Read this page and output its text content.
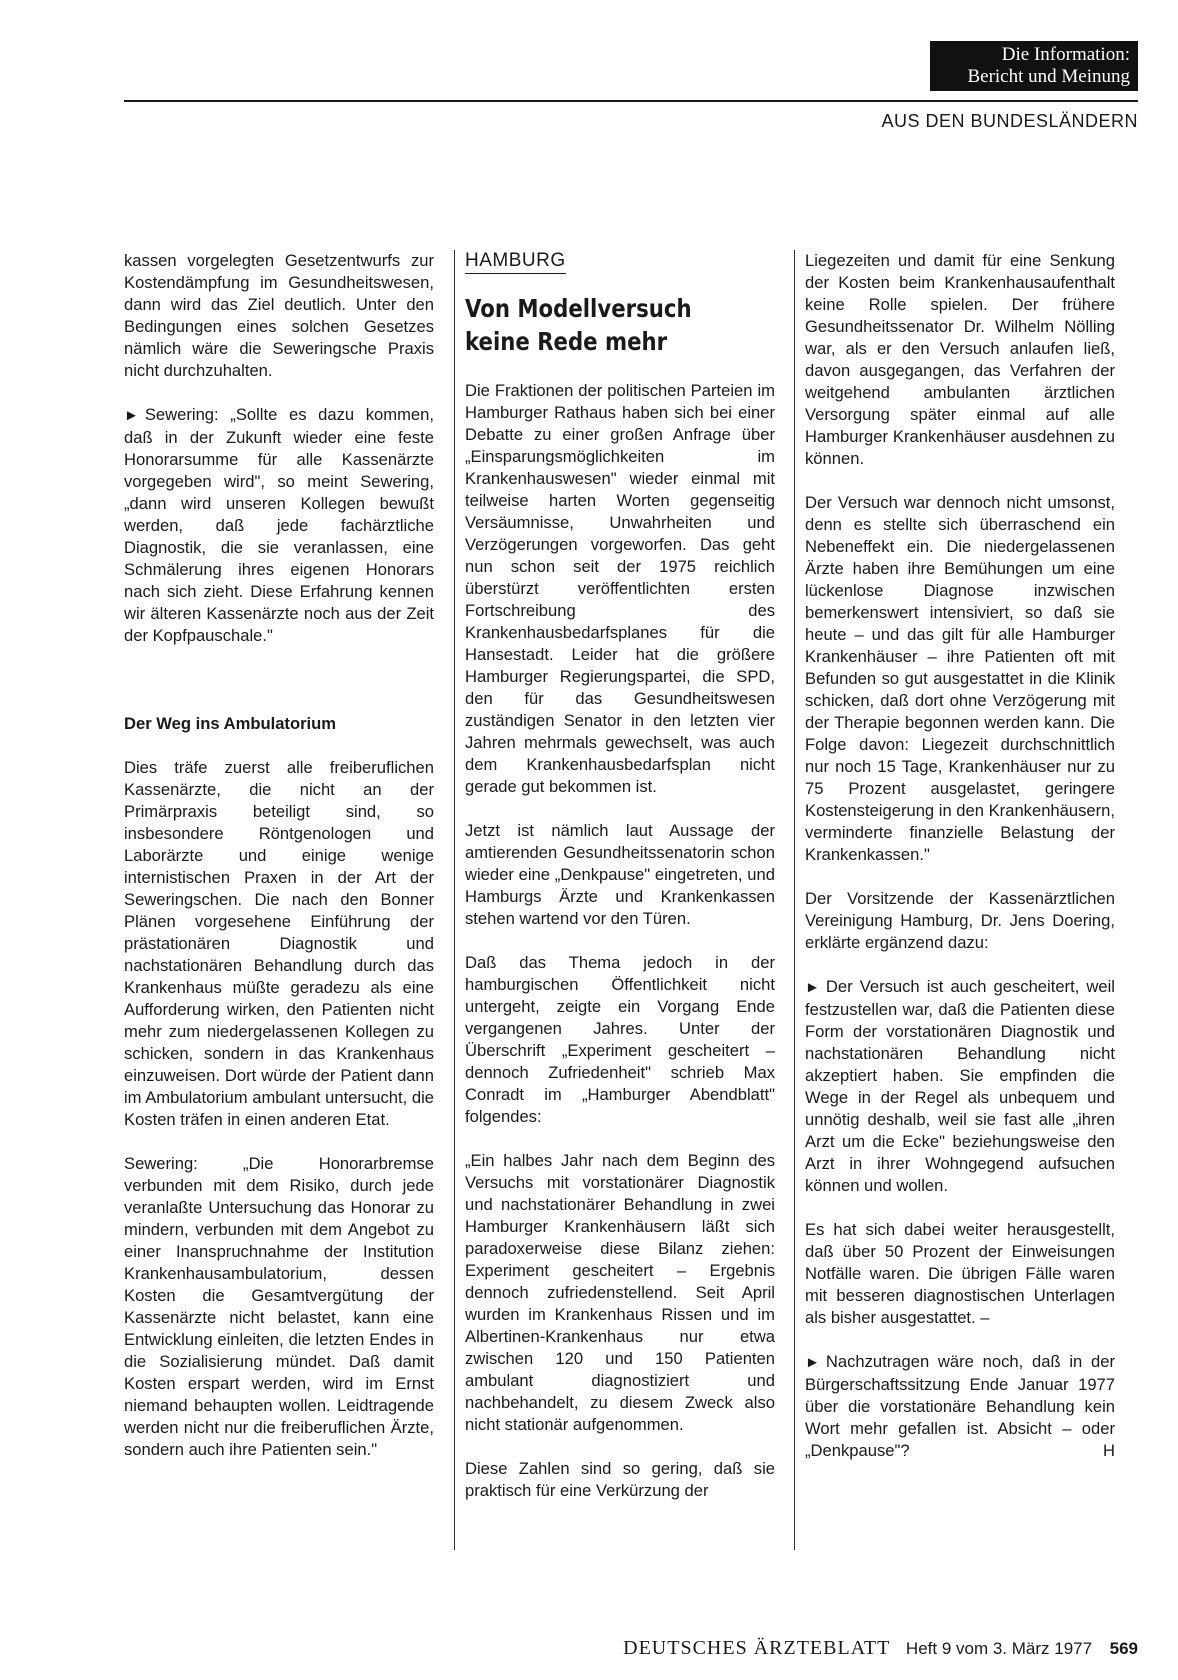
Die Information:
Bericht und Meinung
AUS DEN BUNDESLÄNDERN

kassen vorgelegten Gesetzentwurfs zur Kostendämpfung im Gesundheitswesen, dann wird das Ziel deutlich. Unter den Bedingungen eines solchen Gesetzes nämlich wäre die Seweringsche Praxis nicht durchzuhalten.

► Sewering: „Sollte es dazu kommen, daß in der Zukunft wieder eine feste Honorarsumme für alle Kassenärzte vorgegeben wird", so meint Sewering, „dann wird unseren Kollegen bewußt werden, daß jede fachärztliche Diagnostik, die sie veranlassen, eine Schmälerung ihres eigenen Honorars nach sich zieht. Diese Erfahrung kennen wir älteren Kassenärzte noch aus der Zeit der Kopfpauschale."

Der Weg ins Ambulatorium

Dies träfe zuerst alle freiberuflichen Kassenärzte, die nicht an der Primärpraxis beteiligt sind, so insbesondere Röntgenologen und Laborärzte und einige wenige internistischen Praxen in der Art der Seweringschen. Die nach den Bonner Plänen vorgesehene Einführung der prästationären Diagnostik und nachstationären Behandlung durch das Krankenhaus müßte geradezu als eine Aufforderung wirken, den Patienten nicht mehr zum niedergelassenen Kollegen zu schicken, sondern in das Krankenhaus einzuweisen. Dort würde der Patient dann im Ambulatorium ambulant untersucht, die Kosten träfen in einen anderen Etat.

Sewering: „Die Honorarbremse verbunden mit dem Risiko, durch jede veranlaßte Untersuchung das Honorar zu mindern, verbunden mit dem Angebot zu einer Inanspruchnahme der Institution Krankenhausambulatorium, dessen Kosten die Gesamtvergütung der Kassenärzte nicht belastet, kann eine Entwicklung einleiten, die letzten Endes in die Sozialisierung mündet. Daß damit Kosten erspart werden, wird im Ernst niemand behaupten wollen. Leidtragende werden nicht nur die freiberuflichen Ärzte, sondern auch ihre Patienten sein."

HAMBURG
Von Modellversuch
keine Rede mehr

Die Fraktionen der politischen Parteien im Hamburger Rathaus haben sich bei einer Debatte zu einer großen Anfrage über „Einsparungsmöglichkeiten im Krankenhauswesen" wieder einmal mit teilweise harten Worten gegenseitig Versäumnisse, Unwahrheiten und Verzögerungen vorgeworfen. Das geht nun schon seit der 1975 reichlich überstürzt veröffentlichten ersten Fortschreibung des Krankenhausbedarfsplanes für die Hansestadt. Leider hat die größere Hamburger Regierungspartei, die SPD, den für das Gesundheitswesen zuständigen Senator in den letzten vier Jahren mehrmals gewechselt, was auch dem Krankenhausbedarfsplan nicht gerade gut bekommen ist.

Jetzt ist nämlich laut Aussage der amtierenden Gesundheitssenatorin schon wieder eine „Denkpause" eingetreten, und Hamburgs Ärzte und Krankenkassen stehen wartend vor den Türen.

Daß das Thema jedoch in der hamburgischen Öffentlichkeit nicht untergeht, zeigte ein Vorgang Ende vergangenen Jahres. Unter der Überschrift „Experiment gescheitert – dennoch Zufriedenheit" schrieb Max Conradt im „Hamburger Abendblatt" folgendes:

„Ein halbes Jahr nach dem Beginn des Versuchs mit vorstationärer Diagnostik und nachstationärer Behandlung in zwei Hamburger Krankenhäusern läßt sich paradoxerweise diese Bilanz ziehen: Experiment gescheitert – Ergebnis dennoch zufriedenstellend. Seit April wurden im Krankenhaus Rissen und im Albertinen-Krankenhaus nur etwa zwischen 120 und 150 Patienten ambulant diagnostiziert und nachbehandelt, zu diesem Zweck also nicht stationär aufgenommen.

Diese Zahlen sind so gering, daß sie praktisch für eine Verkürzung der

Liegezeiten und damit für eine Senkung der Kosten beim Krankenhausaufenthalt keine Rolle spielen. Der frühere Gesundheitssenator Dr. Wilhelm Nölling war, als er den Versuch anlaufen ließ, davon ausgegangen, das Verfahren der weitgehend ambulanten ärztlichen Versorgung später einmal auf alle Hamburger Krankenhäuser ausdehnen zu können.

Der Versuch war dennoch nicht umsonst, denn es stellte sich überraschend ein Nebeneffekt ein. Die niedergelassenen Ärzte haben ihre Bemühungen um eine lückenlose Diagnose inzwischen bemerkenswert intensiviert, so daß sie heute – und das gilt für alle Hamburger Krankenhäuser – ihre Patienten oft mit Befunden so gut ausgestattet in die Klinik schicken, daß dort ohne Verzögerung mit der Therapie begonnen werden kann. Die Folge davon: Liegezeit durchschnittlich nur noch 15 Tage, Krankenhäuser nur zu 75 Prozent ausgelastet, geringere Kostensteigerung in den Krankenhäusern, verminderte finanzielle Belastung der Krankenkassen."

Der Vorsitzende der Kassenärztlichen Vereinigung Hamburg, Dr. Jens Doering, erklärte ergänzend dazu:

► Der Versuch ist auch gescheitert, weil festzustellen war, daß die Patienten diese Form der vorstationären Diagnostik und nachstationären Behandlung nicht akzeptiert haben. Sie empfinden die Wege in der Regel als unbequem und unnötig deshalb, weil sie fast alle „ihren Arzt um die Ecke" beziehungsweise den Arzt in ihrer Wohngegend aufsuchen können und wollen.

Es hat sich dabei weiter herausgestellt, daß über 50 Prozent der Einweisungen Notfälle waren. Die übrigen Fälle waren mit besseren diagnostischen Unterlagen als bisher ausgestattet. –

► Nachzutragen wäre noch, daß in der Bürgerschaftssitzung Ende Januar 1977 über die vorstationäre Behandlung kein Wort mehr gefallen ist. Absicht – oder „Denkpause"?	H

DEUTSCHES ÄRZTEBLATT Heft 9 vom 3. März 1977 569
